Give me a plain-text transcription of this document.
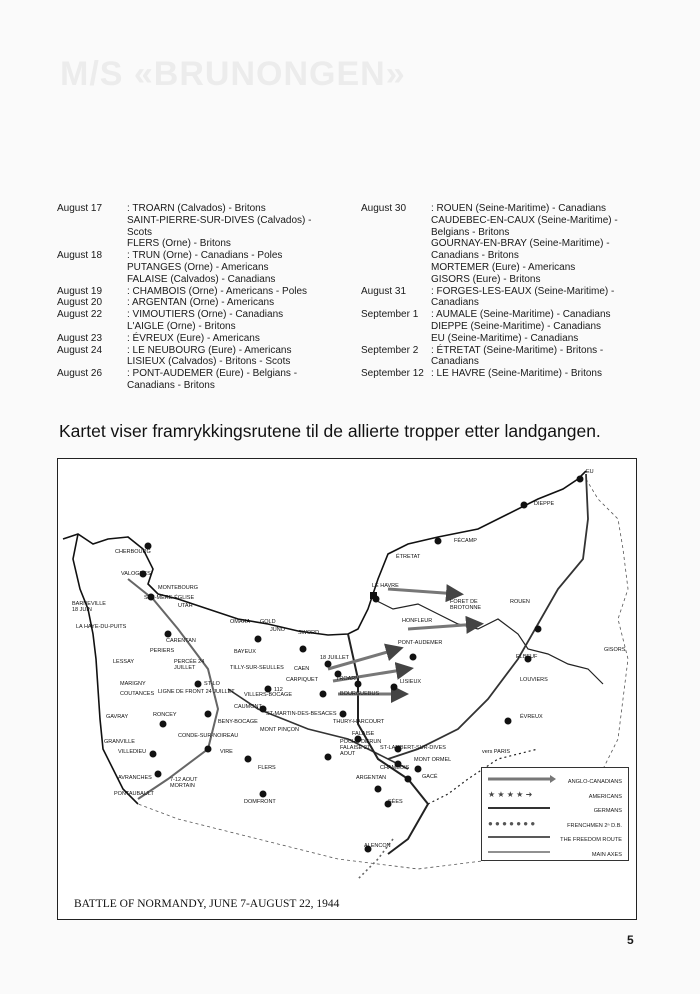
M/S «BRUNONGEN»

August 17	: TROARN (Calvados) - Britons
SAINT-PIERRE-SUR-DIVES (Calvados) -
Scots
FLERS (Orne) - Britons
August 18	: TRUN (Orne) - Canadians - Poles
PUTANGES (Orne) - Americans
FALAISE (Calvados) - Canadians
August 19	: CHAMBOIS (Orne) - Americans - Poles
August 20	: ARGENTAN (Orne) - Americans
August 22	: VIMOUTIERS (Orne) - Canadians
L'AIGLE (Orne) - Britons
August 23	: ÉVREUX (Eure) - Americans
August 24	: LE NEUBOURG (Eure) - Americans
LISIEUX (Calvados) - Britons - Scots
August 26	: PONT-AUDEMER (Eure) - Belgians -
Canadians - Britons
August 30	: ROUEN (Seine-Maritime) - Canadians
CAUDEBEC-EN-CAUX (Seine-Maritime) -
Belgians - Britons
GOURNAY-EN-BRAY (Seine-Maritime) -
Canadians - Britons
MORTEMER (Eure) - Americans
GISORS (Eure) - Britons
August 31	: FORGES-LES-EAUX (Seine-Maritime) -
Canadians
September 1	: AUMALE (Seine-Maritime) - Canadians
DIEPPE (Seine-Maritime) - Canadians
EU (Seine-Maritime) - Canadians
September 2	: ÉTRETAT (Seine-Maritime) - Britons -
Canadians
September 12 : LE HAVRE (Seine-Maritime) - Britons
Kartet viser framrykkingsrutene til de allierte tropper etter landgangen.
EU
DIEPPE
FÉCAMP
ÉTRETAT
LE HAVRE
FORET DE BROTONNE
ROUEN
HONFLEUR
PONT-AUDEMER
GISORS
ELBEUF
LOUVIERS
LISIEUX
ÉVREUX
CHERBOURG
VALOGNES
MONTEBOURG
STE-MÈRE-ÉGLISE
UTAH
BARNEVILLE 18 JUIN
LA HAYE-DU-PUITS
OMAHA GOLD
JUNO SWORD
CARENTAN
LESSAY
PERIERS	BAYEUX
CAEN
PERCÉE 24 JUILLET	TILLY-SUR-SEULLES
CARPIQUET
18 JUILLET
TROARN
MARIGNY	ST-LO
COUTANCES LIGNE DE FRONT 24 JUILLET VILLERS-BOCAGE
112
BOURGUEBUS
CAUMONT
GAVRAY	RONCEY	ST-MARTIN-DES-BESACES
BENY-BOCAGE	THURY-HARCOURT
MONT PINÇON
CONDE-SUR-NOIREAU	FALAISE
TRUN
POCHE DE FALAISE 21 AOUT
ST-LAMBERT-SUR-DIVES
GRANVILLE
VILLEDIEU	VIRE
FLERS
ARGENTAN
CHAMBOIS
MONT ORMEL
GACÉ
vers PARIS
AVRANCHES	7-12 AOUT MORTAIN
PONTAUBAULT
DOMFRONT	SÉES
ALENCON
ANGLO-CANADIANS
★ ★ ★ ★ ➜	AMERICANS
GERMANS
● ● ● ● ● ● ●	FRENCHMEN 2ⁿ D.B.
THE FREEDOM ROUTE
MAIN AXES
BATTLE OF NORMANDY, JUNE 7-AUGUST 22, 1944
5
